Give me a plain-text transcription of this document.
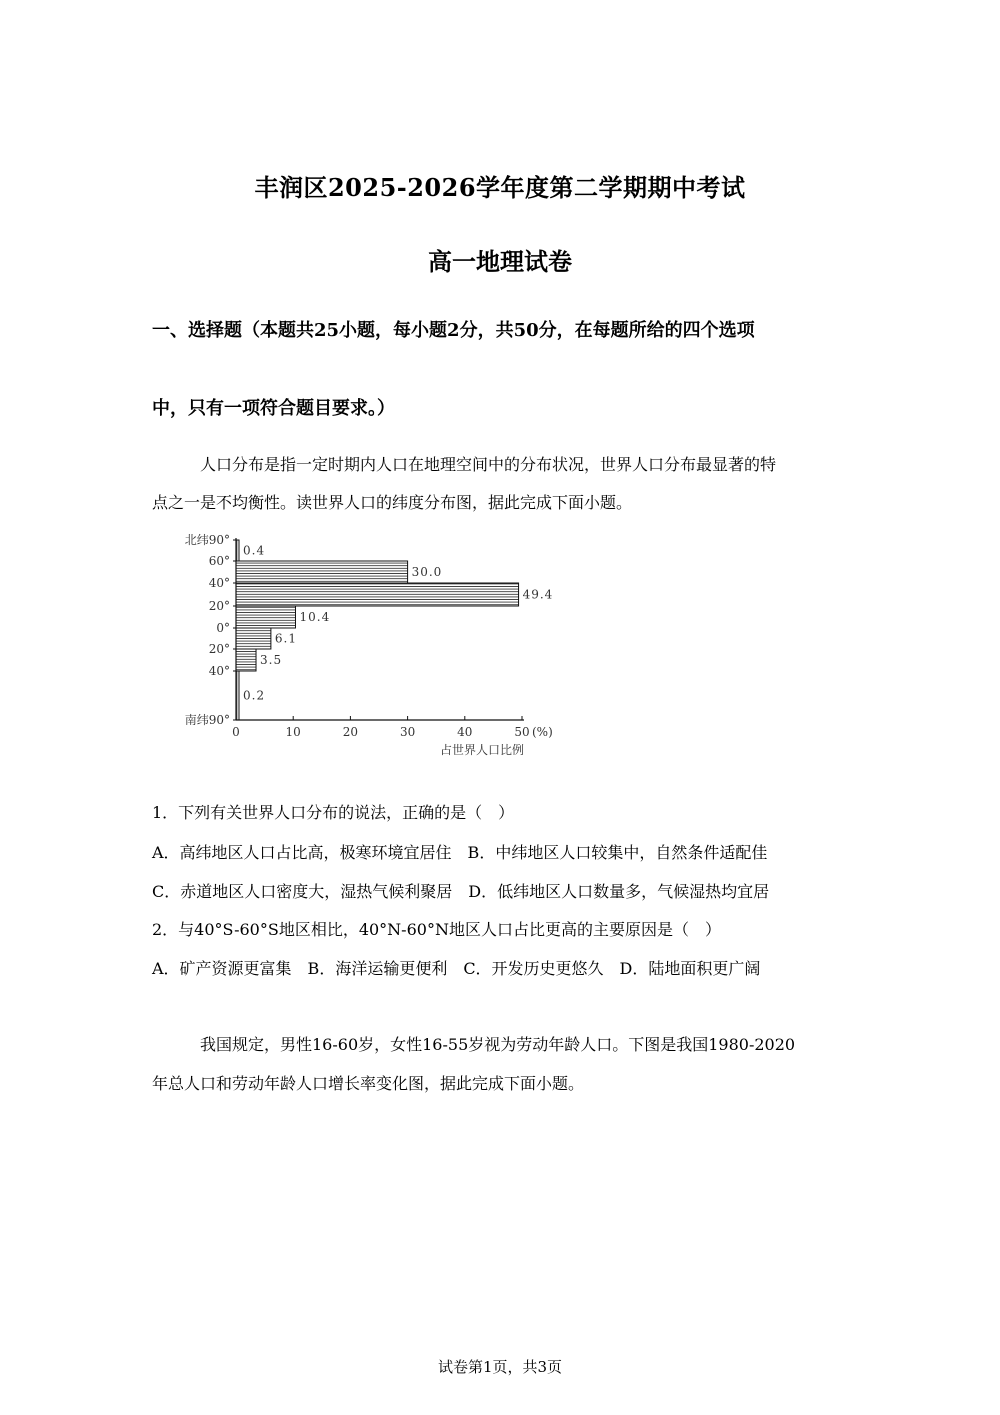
丰润区2025-2026学年度第二学期期中考试
高一地理试卷
一、选择题（本题共25小题，每小题2分，共50分，在每题所给的四个选项
中，只有一项符合题目要求。）
人口分布是指一定时期内人口在地理空间中的分布状况，世界人口分布最显著的特
点之一是不均衡性。读世界人口的纬度分布图，据此完成下面小题。
0.4
30.0
49.4
10.4
6.1
3.5
0.2
北纬90°
60°
40°
20°
0°
20°
40°
南纬90°
0	10	20	30	40	50 (%)
占世界人口比例
1．下列有关世界人口分布的说法，正确的是（　）
A．高纬地区人口占比高，极寒环境宜居住　B．中纬地区人口较集中，自然条件适配佳
C．赤道地区人口密度大，湿热气候利聚居　D．低纬地区人口数量多，气候湿热均宜居
2．与40°S-60°S地区相比，40°N-60°N地区人口占比更高的主要原因是（　）
A．矿产资源更富集　B．海洋运输更便利　C．开发历史更悠久　D．陆地面积更广阔
我国规定，男性16-60岁，女性16-55岁视为劳动年龄人口。下图是我国1980-2020
年总人口和劳动年龄人口增长率变化图，据此完成下面小题。
试卷第1页，共3页
